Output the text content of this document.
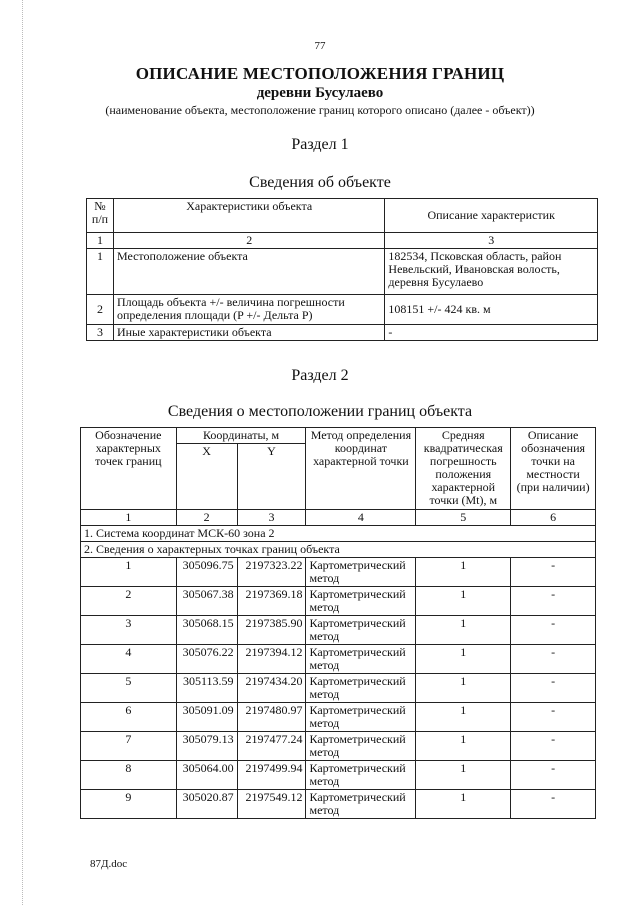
77
ОПИСАНИЕ МЕСТОПОЛОЖЕНИЯ ГРАНИЦ
деревни Бусулаево
(наименование объекта, местоположение границ которого описано (далее - объект))
Раздел 1
Сведения об объекте
№ п/п	Характеристики объекта	Описание характеристик
1	2	3
1	Местоположение объекта	182534, Псковская область, район Невельский, Ивановская волость, деревня Бусулаево
2	Площадь объекта +/- величина погрешности определения площади (P +/- Дельта P)	108151 +/- 424 кв. м
3	Иные характеристики объекта	-
Раздел 2
Сведения о местоположении границ объекта
Обозначение характерных точек границ	Координаты, м		Метод определения координат характерной точки	Средняя квадратическая погрешность положения характерной точки (Mt), м	Описание обозначения точки на местности (при наличии)
	X	Y			
1	2	3	4	5	6
1. Система координат МСК-60 зона 2					
2. Сведения о характерных точках границ объекта					
1	305096.75	2197323.22	Картометрический метод	1	-
2	305067.38	2197369.18	Картометрический метод	1	-
3	305068.15	2197385.90	Картометрический метод	1	-
4	305076.22	2197394.12	Картометрический метод	1	-
5	305113.59	2197434.20	Картометрический метод	1	-
6	305091.09	2197480.97	Картометрический метод	1	-
7	305079.13	2197477.24	Картометрический метод	1	-
8	305064.00	2197499.94	Картометрический метод	1	-
9	305020.87	2197549.12	Картометрический метод	1	-
87Д.doc
